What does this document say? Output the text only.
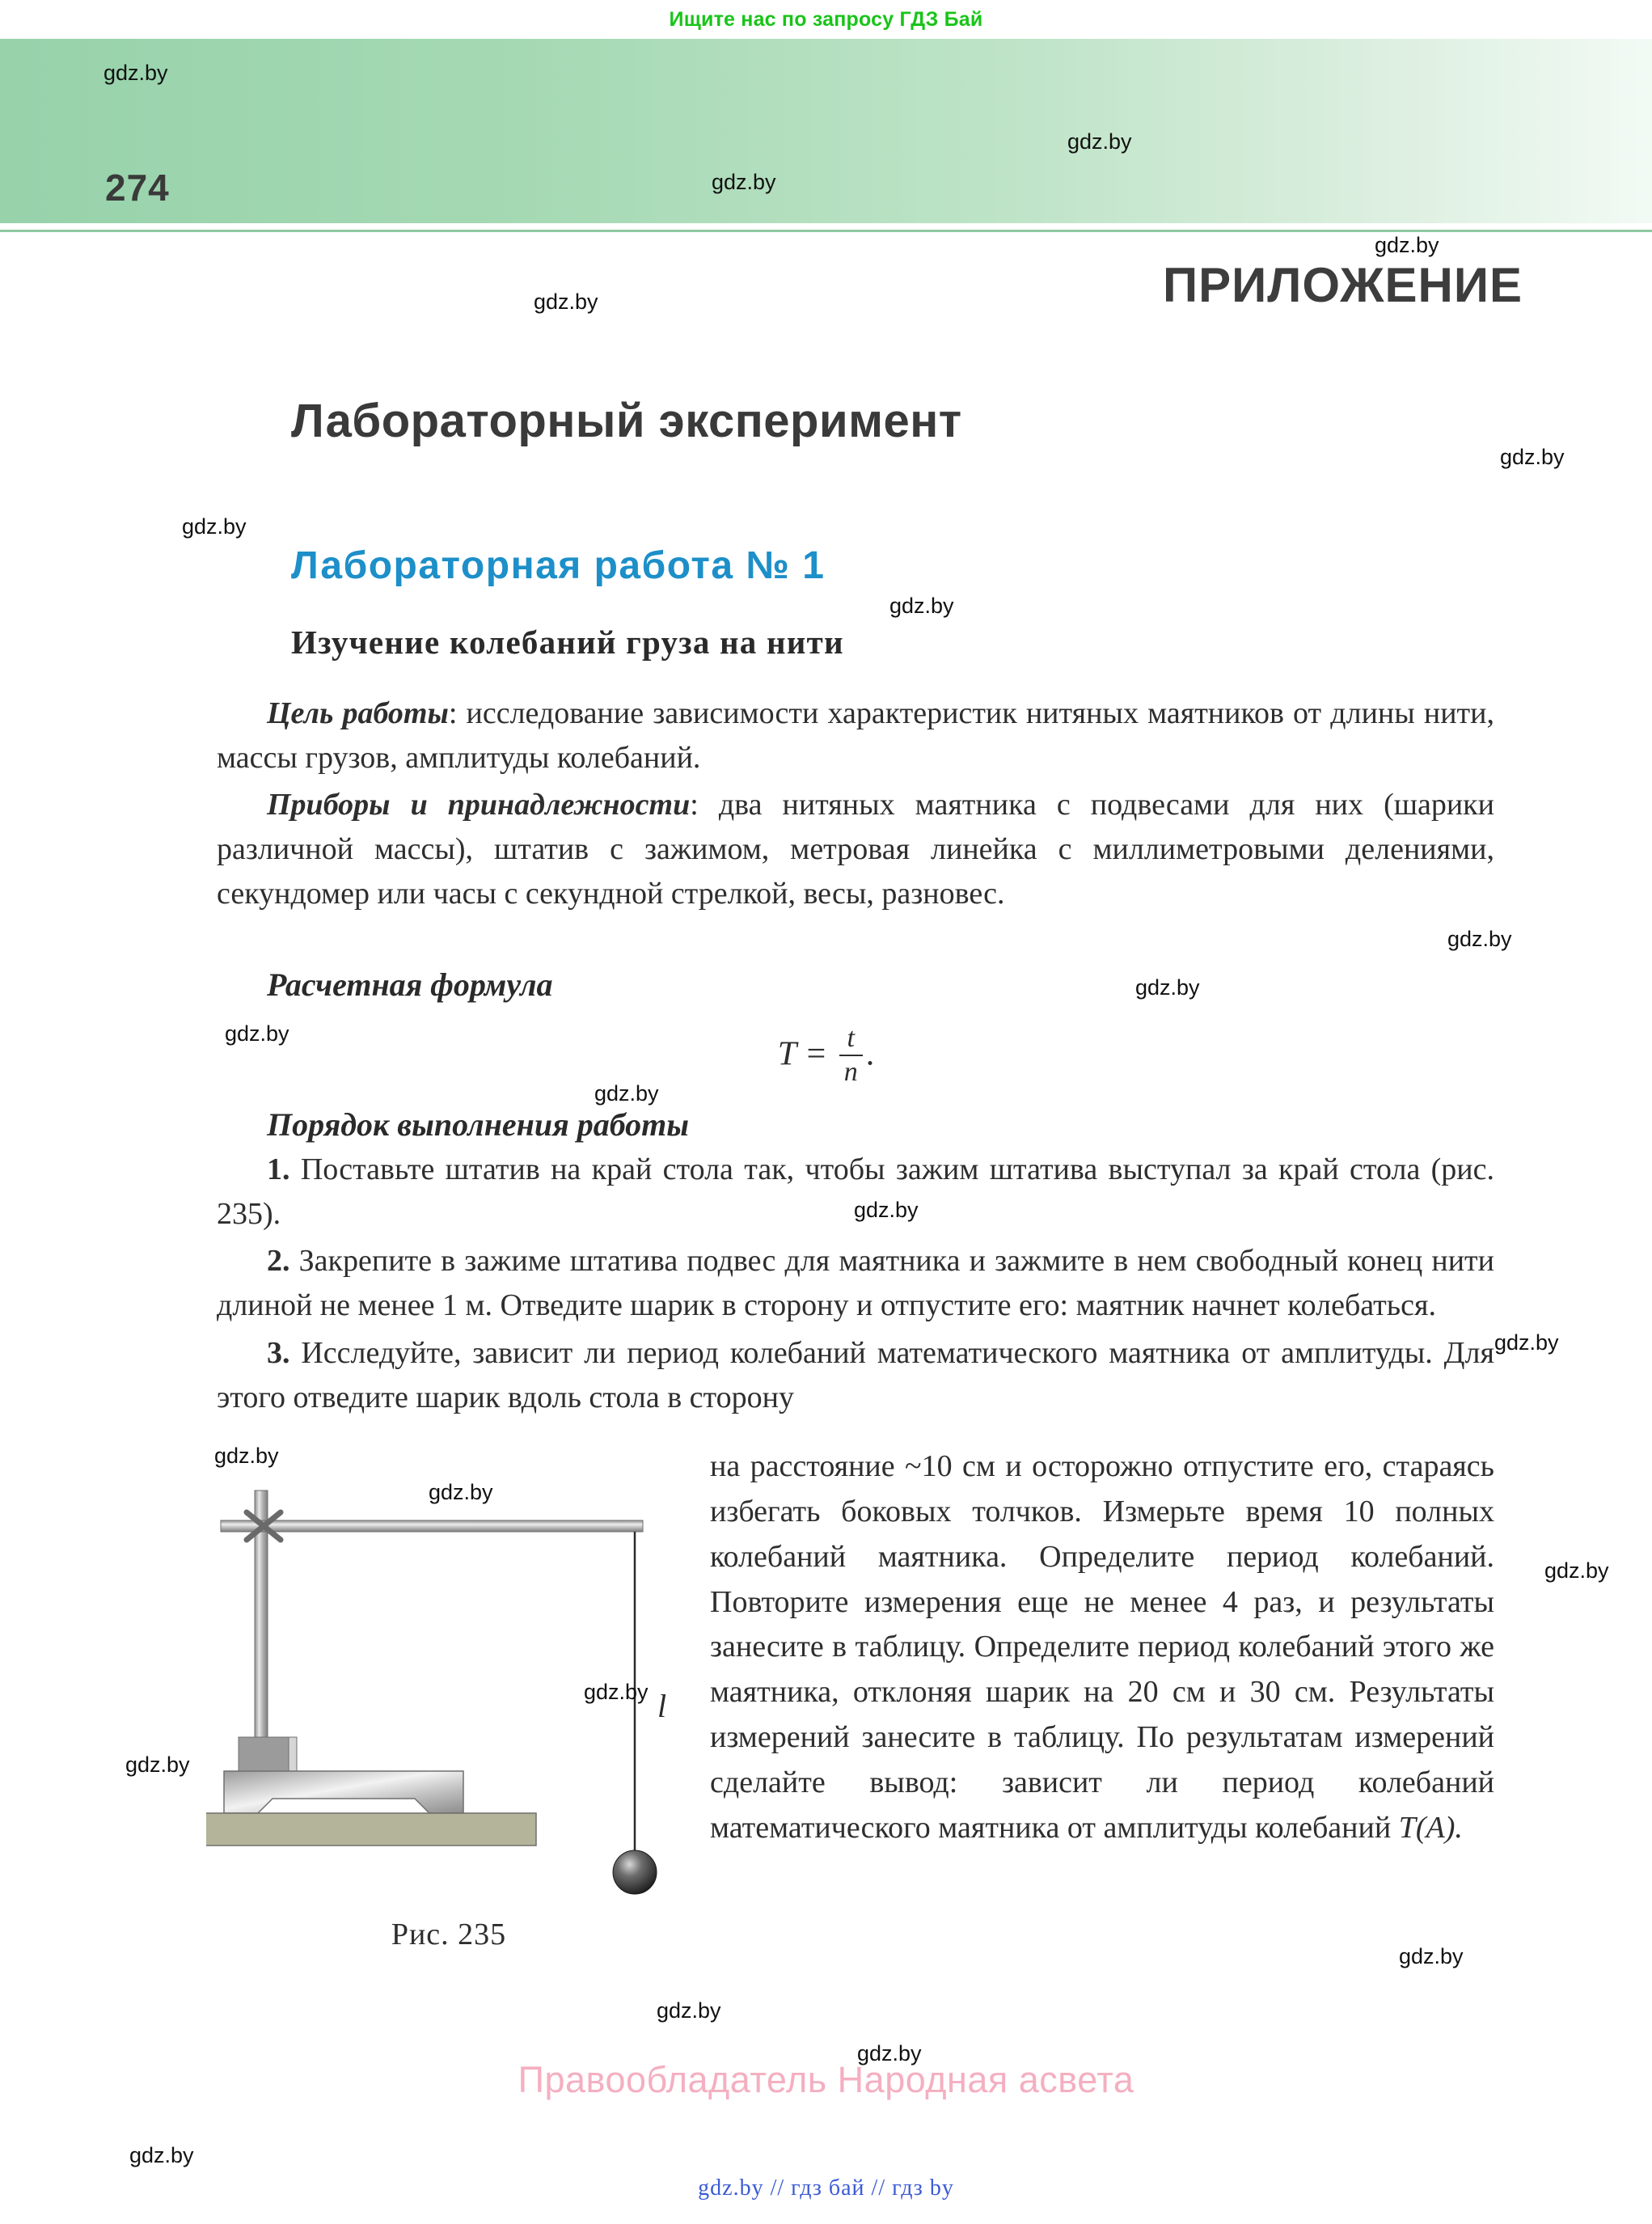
Ищите нас по запросу ГДЗ Бай
274
ПРИЛОЖЕНИЕ
Лабораторный эксперимент
Лабораторная работа № 1
Изучение колебаний груза на нити

Цель работы: исследование зависимости характеристик нитяных маятников от длины нити, массы грузов, амплитуды колебаний.

Приборы и принадлежности: два нитяных маятника с подвесами для них (шарики различной массы), штатив с зажимом, метровая линейка с миллиметровыми делениями, секундомер или часы с секундной стрелкой, весы, разновес.

Расчетная формула
$T = \frac{t}{n}$ .
Порядок выполнения работы

1. Поставьте штатив на край стола так, чтобы зажим штатива выступал за край стола (рис. 235).

2. Закрепите в зажиме штатива подвес для маятника и зажмите в нем свободный конец нити длиной не менее 1 м. Отведите шарик в сторону и отпустите его: маятник начнет колебаться.

3. Исследуйте, зависит ли период колебаний математического маятника от амплитуды. Для этого отведите шарик вдоль стола в сторону

l
Рис. 235

на расстояние ~10 см и осторожно отпустите его, стараясь избегать боковых толчков. Измерьте время 10 полных колебаний маятника. Определите период колебаний. Повторите измерения еще не менее 4 раз, и результаты занесите в таблицу. Определите период колебаний этого же маятника, отклоняя шарик на 20 см и 30 см. Результаты измерений занесите в таблицу. По результатам измерений сделайте вывод: зависит ли период колебаний математического маятника от амплитуды колебаний T(A).

Правообладатель Народная асвета
gdz.by // гдз бай // гдз by
gdz.by
gdz.by
gdz.by
gdz.by
gdz.by
gdz.by
gdz.by
gdz.by
gdz.by
gdz.by
gdz.by
gdz.by
gdz.by
gdz.by
gdz.by
gdz.by
gdz.by
gdz.by
gdz.by
gdz.by
gdz.by
gdz.by
gdz.by
